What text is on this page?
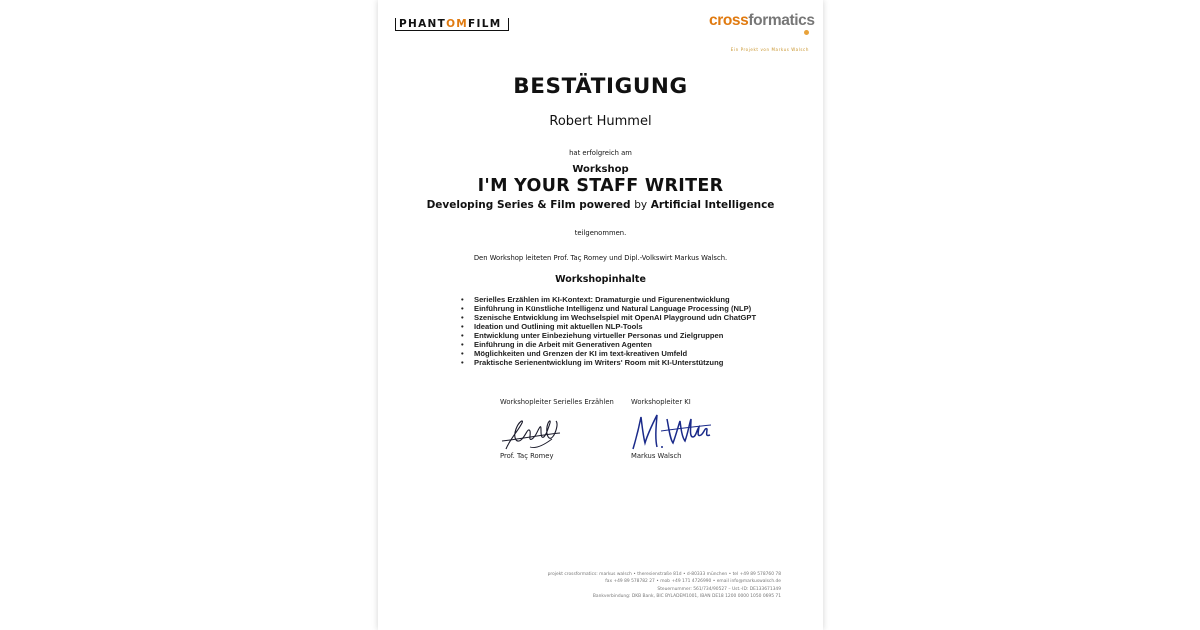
PHANTOMFILM	crossformatics
Ein Projekt von Markus Walsch
BESTÄTIGUNG
Robert Hummel
hat erfolgreich am
Workshop
I'M YOUR STAFF WRITER
Developing Series & Film powered by Artificial Intelligence
teilgenommen.
Den Workshop leiteten Prof. Taç Romey und Dipl.-Volkswirt Markus Walsch.
Workshopinhalte
• Serielles Erzählen im KI-Kontext: Dramaturgie und Figurenentwicklung
• Einführung in Künstliche Intelligenz und Natural Language Processing (NLP)
• Szenische Entwicklung im Wechselspiel mit OpenAI Playground udn ChatGPT
• Ideation und Outlining mit aktuellen NLP-Tools
• Entwicklung unter Einbeziehung virtueller Personas und Zielgruppen
• Einführung in die Arbeit mit Generativen Agenten
• Möglichkeiten und Grenzen der KI im text-kreativen Umfeld
• Praktische Serienentwicklung im Writers' Room mit KI-Unterstützung
Workshopleiter Serielles Erzählen
Prof. Taç Romey
Workshopleiter KI
Markus Walsch
projekt crossformatics: markus walsch • theresienstraße 81d • d-80333 münchen • tel +49 89 578760 78
fax +49 89 578782 27 • mob +49 171 4726990 • email info@markuswalsch.de
Steuernummer: 561/734/90527 – Ust.-ID: DE133671349
Bankverbindung: DKB Bank, BIC BYLADEM1001, IBAN DE18 1200 0000 1050 0695 71
